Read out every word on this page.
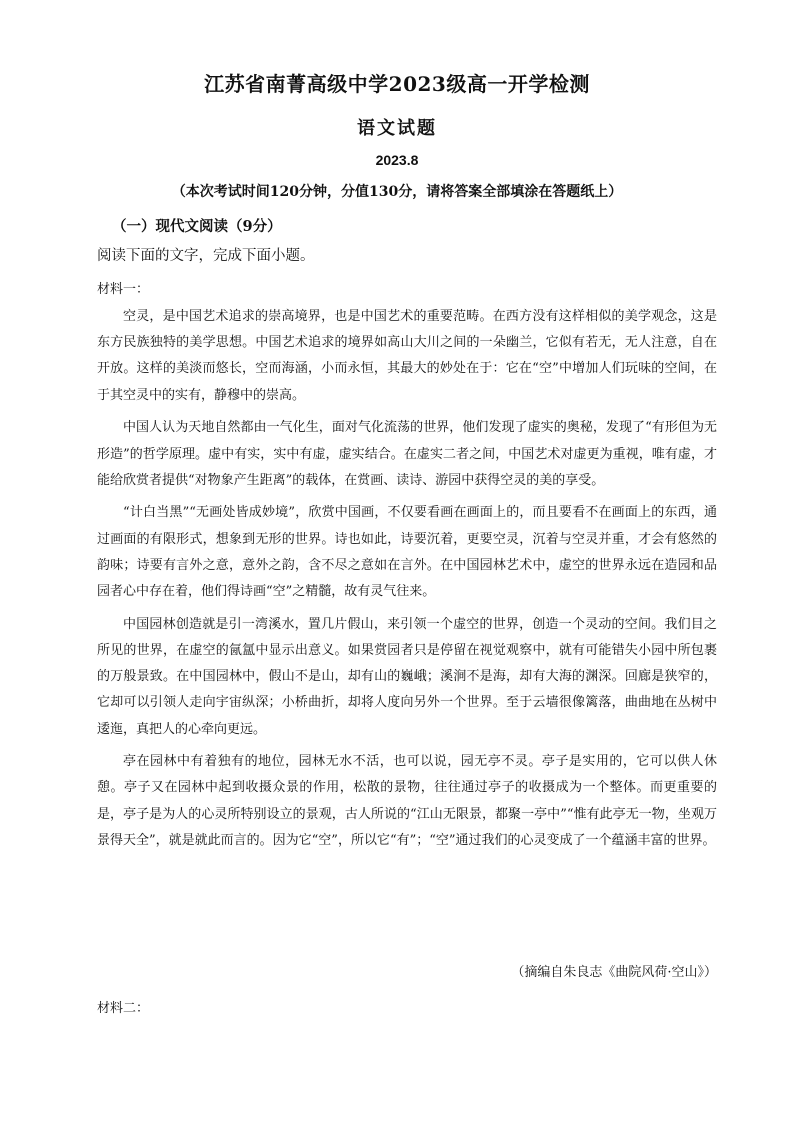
江苏省南菁高级中学2023级高一开学检测
语文试题
2023.8
（本次考试时间120分钟，分值130分，请将答案全部填涂在答题纸上）
（一）现代文阅读（9分）
阅读下面的文字，完成下面小题。
材料一：

空灵，是中国艺术追求的崇高境界，也是中国艺术的重要范畴。在西方没有这样相似的美学观念，这是东方民族独特的美学思想。中国艺术追求的境界如高山大川之间的一朵幽兰，它似有若无，无人注意，自在开放。这样的美淡而悠长，空而海涵，小而永恒，其最大的妙处在于：它在“空”中增加人们玩味的空间，在于其空灵中的实有，静穆中的崇高。

中国人认为天地自然都由一气化生，面对气化流荡的世界，他们发现了虚实的奥秘，发现了“有形但为无形造”的哲学原理。虚中有实，实中有虚，虚实结合。在虚实二者之间，中国艺术对虚更为重视，唯有虚，才能给欣赏者提供“对物象产生距离”的载体，在赏画、读诗、游园中获得空灵的美的享受。

“计白当黑”“无画处皆成妙境”，欣赏中国画，不仅要看画在画面上的，而且要看不在画面上的东西，通过画面的有限形式，想象到无形的世界。诗也如此，诗要沉着，更要空灵，沉着与空灵并重，才会有悠然的韵味；诗要有言外之意，意外之韵，含不尽之意如在言外。在中国园林艺术中，虚空的世界永远在造园和品园者心中存在着，他们得诗画“空”之精髓，故有灵气往来。

中国园林创造就是引一湾溪水，置几片假山，来引领一个虚空的世界，创造一个灵动的空间。我们目之所见的世界，在虚空的氤氲中显示出意义。如果赏园者只是停留在视觉观察中，就有可能错失小园中所包裹的万般景致。在中国园林中，假山不是山，却有山的巍峨；溪涧不是海，却有大海的渊深。回廊是狭窄的，它却可以引领人走向宇宙纵深；小桥曲折，却将人度向另外一个世界。至于云墙很像篱落，曲曲地在丛树中逶迤，真把人的心牵向更远。

亭在园林中有着独有的地位，园林无水不活，也可以说，园无亭不灵。亭子是实用的，它可以供人休憩。亭子又在园林中起到收摄众景的作用，松散的景物，往往通过亭子的收摄成为一个整体。而更重要的是，亭子是为人的心灵所特别设立的景观，古人所说的“江山无限景，都聚一亭中”“惟有此亭无一物，坐观万景得天全”，就是就此而言的。因为它“空”，所以它“有”；“空”通过我们的心灵变成了一个蕴涵丰富的世界。

（摘编自朱良志《曲院风荷·空山》）
材料二：
